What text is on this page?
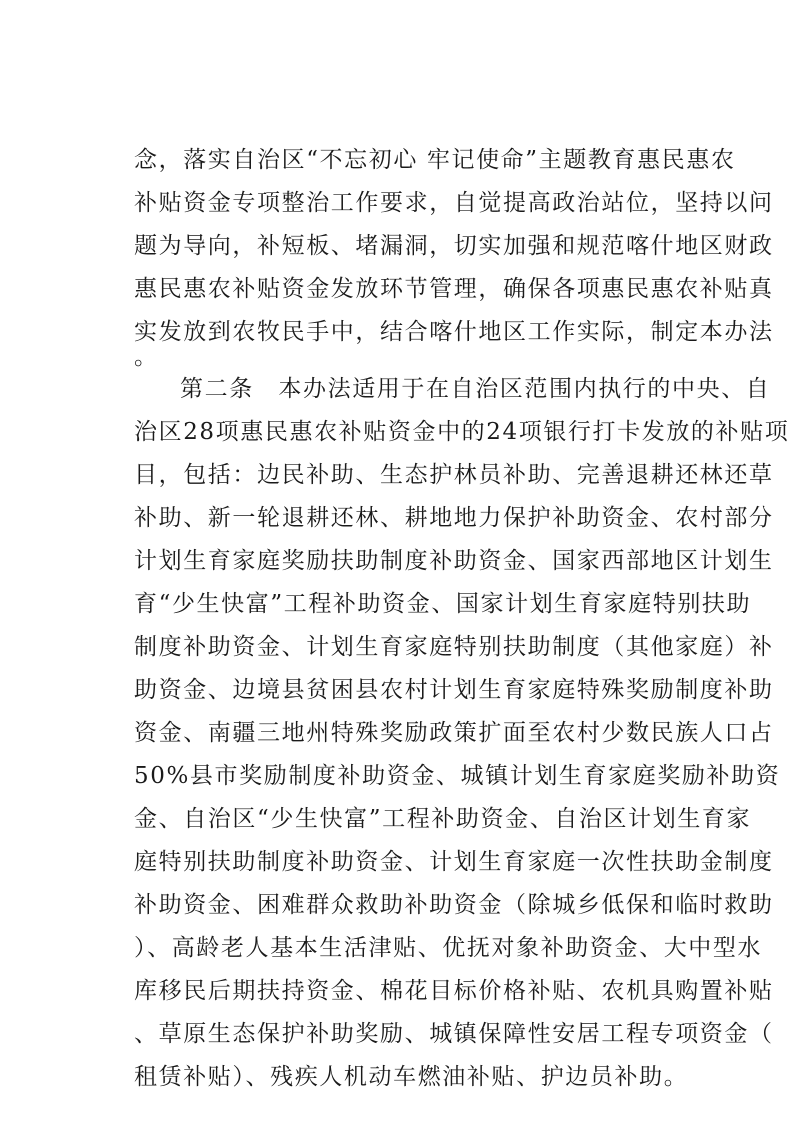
念，落实自治区“不忘初心 牢记使命”主题教育惠民惠农
补贴资金专项整治工作要求，自觉提高政治站位，坚持以问
题为导向，补短板、堵漏洞，切实加强和规范喀什地区财政
惠民惠农补贴资金发放环节管理，确保各项惠民惠农补贴真
实发放到农牧民手中，结合喀什地区工作实际，制定本办法
。
第二条　本办法适用于在自治区范围内执行的中央、自
治区28项惠民惠农补贴资金中的24项银行打卡发放的补贴项
目，包括：边民补助、生态护林员补助、完善退耕还林还草
补助、新一轮退耕还林、耕地地力保护补助资金、农村部分
计划生育家庭奖励扶助制度补助资金、国家西部地区计划生
育“少生快富”工程补助资金、国家计划生育家庭特别扶助
制度补助资金、计划生育家庭特别扶助制度（其他家庭）补
助资金、边境县贫困县农村计划生育家庭特殊奖励制度补助
资金、南疆三地州特殊奖励政策扩面至农村少数民族人口占
50%县市奖励制度补助资金、城镇计划生育家庭奖励补助资
金、自治区“少生快富”工程补助资金、自治区计划生育家
庭特别扶助制度补助资金、计划生育家庭一次性扶助金制度
补助资金、困难群众救助补助资金（除城乡低保和临时救助
）、高龄老人基本生活津贴、优抚对象补助资金、大中型水
库移民后期扶持资金、棉花目标价格补贴、农机具购置补贴
、草原生态保护补助奖励、城镇保障性安居工程专项资金（
租赁补贴）、残疾人机动车燃油补贴、护边员补助。
